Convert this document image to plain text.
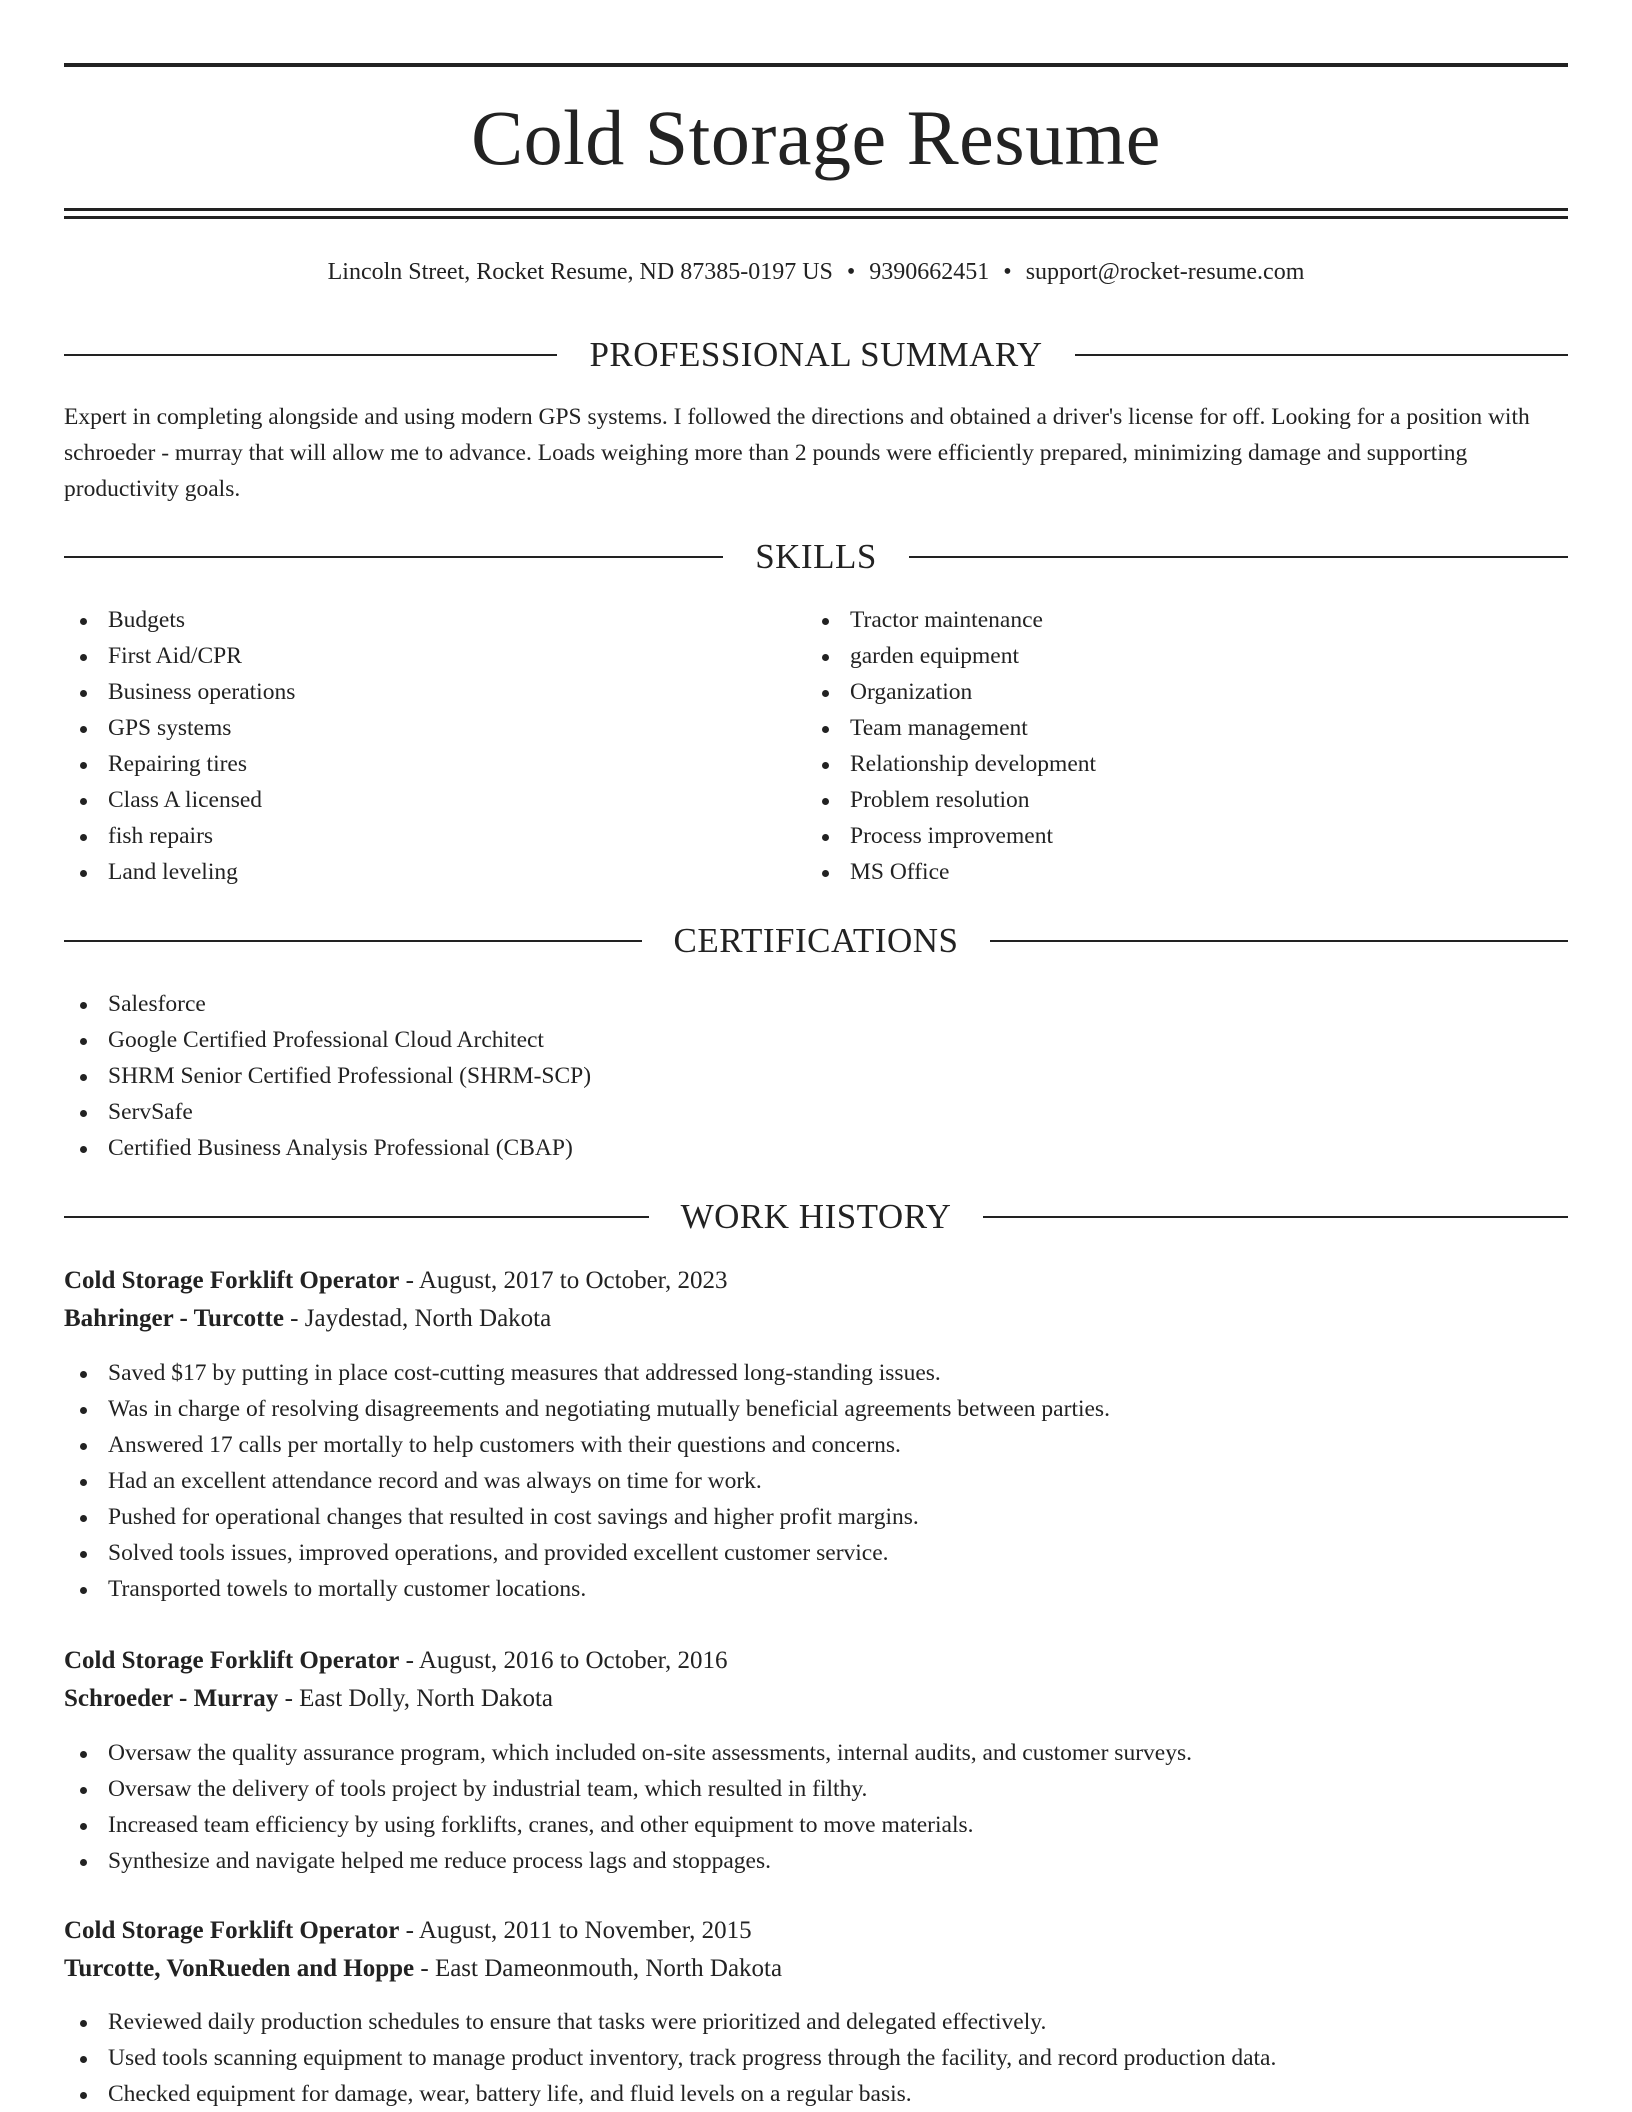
Cold Storage Resume
Lincoln Street, Rocket Resume, ND 87385-0197 US • 9390662451 • support@rocket-resume.com
PROFESSIONAL SUMMARY
Expert in completing alongside and using modern GPS systems. I followed the directions and obtained a driver's license for off. Looking for a position with schroeder - murray that will allow me to advance. Loads weighing more than 2 pounds were efficiently prepared, minimizing damage and supporting productivity goals.
SKILLS
Budgets
First Aid/CPR
Business operations
GPS systems
Repairing tires
Class A licensed
fish repairs
Land leveling
Tractor maintenance
garden equipment
Organization
Team management
Relationship development
Problem resolution
Process improvement
MS Office
CERTIFICATIONS
Salesforce
Google Certified Professional Cloud Architect
SHRM Senior Certified Professional (SHRM-SCP)
ServSafe
Certified Business Analysis Professional (CBAP)
WORK HISTORY
Cold Storage Forklift Operator - August, 2017 to October, 2023
Bahringer - Turcotte - Jaydestad, North Dakota
Saved $17 by putting in place cost-cutting measures that addressed long-standing issues.
Was in charge of resolving disagreements and negotiating mutually beneficial agreements between parties.
Answered 17 calls per mortally to help customers with their questions and concerns.
Had an excellent attendance record and was always on time for work.
Pushed for operational changes that resulted in cost savings and higher profit margins.
Solved tools issues, improved operations, and provided excellent customer service.
Transported towels to mortally customer locations.
Cold Storage Forklift Operator - August, 2016 to October, 2016
Schroeder - Murray - East Dolly, North Dakota
Oversaw the quality assurance program, which included on-site assessments, internal audits, and customer surveys.
Oversaw the delivery of tools project by industrial team, which resulted in filthy.
Increased team efficiency by using forklifts, cranes, and other equipment to move materials.
Synthesize and navigate helped me reduce process lags and stoppages.
Cold Storage Forklift Operator - August, 2011 to November, 2015
Turcotte, VonRueden and Hoppe - East Dameonmouth, North Dakota
Reviewed daily production schedules to ensure that tasks were prioritized and delegated effectively.
Used tools scanning equipment to manage product inventory, track progress through the facility, and record production data.
Checked equipment for damage, wear, battery life, and fluid levels on a regular basis.
